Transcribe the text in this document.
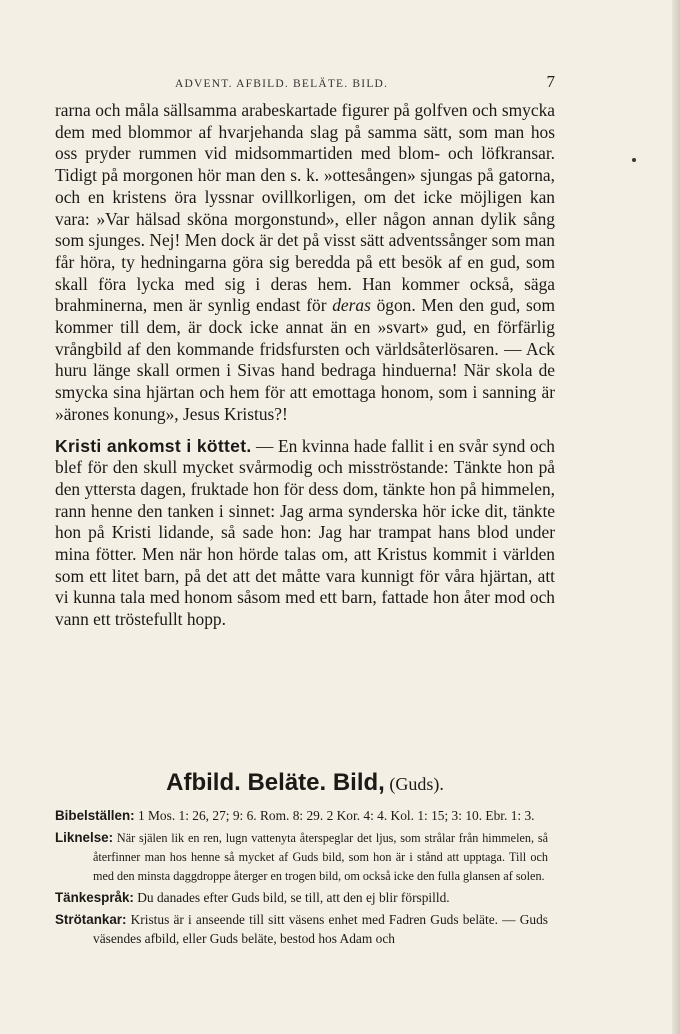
ADVENT. AFBILD. BELÄTE. BILD.	7

rarna och måla sällsamma arabeskartade figurer på golfven och smycka dem med blommor af hvarjehanda slag på samma sätt, som man hos oss pryder rummen vid midsommartiden med blom- och löfkransar. Tidigt på morgonen hör man den s. k. »ottesången» sjungas på gatorna, och en kristens öra lyssnar ovillkorligen, om det icke möjligen kan vara: »Var hälsad sköna morgonstund», eller någon annan dylik sång som sjunges. Nej! Men dock är det på visst sätt adventssånger som man får höra, ty hedningarna göra sig beredda på ett besök af en gud, som skall föra lycka med sig i deras hem. Han kommer också, säga brahminerna, men är synlig endast för deras ögon. Men den gud, som kommer till dem, är dock icke annat än en »svart» gud, en förfärlig vrångbild af den kommande fridsfursten och världsåterlösaren. — Ack huru länge skall ormen i Sivas hand bedraga hinduerna! När skola de smycka sina hjärtan och hem för att emottaga honom, som i sanning är »ärones konung», Jesus Kristus?!

Kristi ankomst i köttet. — En kvinna hade fallit i en svår synd och blef för den skull mycket svårmodig och misströstande: Tänkte hon på den yttersta dagen, fruktade hon för dess dom, tänkte hon på himmelen, rann henne den tanken i sinnet: Jag arma synderska hör icke dit, tänkte hon på Kristi lidande, så sade hon: Jag har trampat hans blod under mina fötter. Men när hon hörde talas om, att Kristus kommit i världen som ett litet barn, på det att det måtte vara kunnigt för våra hjärtan, att vi kunna tala med honom såsom med ett barn, fattade hon åter mod och vann ett tröstefullt hopp.

Afbild. Beläte. Bild, (Guds).

Bibelställen: 1 Mos. 1: 26, 27; 9: 6. Rom. 8: 29. 2 Kor. 4: 4. Kol. 1: 15; 3: 10. Ebr. 1: 3.

Liknelse: När själen lik en ren, lugn vattenyta återspeglar det ljus, som strålar från himmelen, så återfinner man hos henne så mycket af Guds bild, som hon är i stånd att upptaga. Till och med den minsta daggdroppe återger en trogen bild, om också icke den fulla glansen af solen.

Tänkespråk: Du danades efter Guds bild, se till, att den ej blir förspilld.

Strötankar: Kristus är i anseende till sitt väsens enhet med Fadren Guds beläte. — Guds väsendes afbild, eller Guds beläte, bestod hos Adam och
